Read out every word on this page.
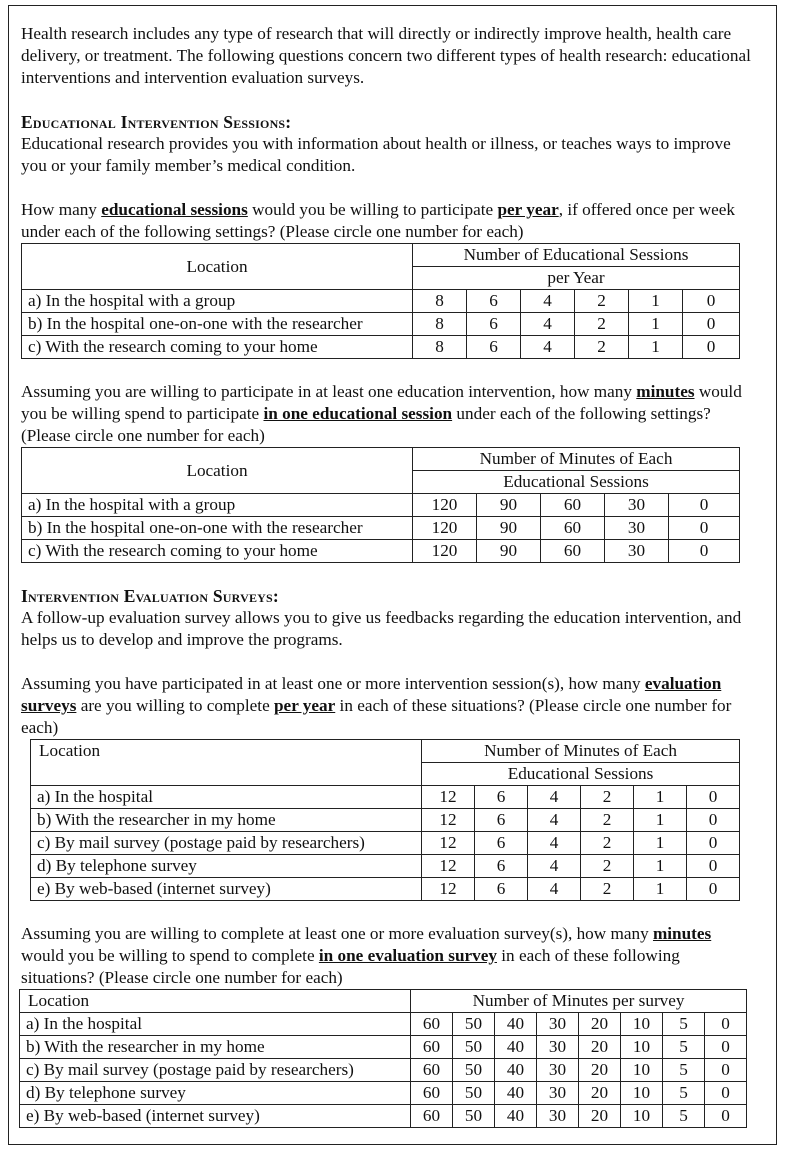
Health research includes any type of research that will directly or indirectly improve health, health care delivery, or treatment. The following questions concern two different types of health research: educational interventions and intervention evaluation surveys.

Educational Intervention Sessions:

Educational research provides you with information about health or illness, or teaches ways to improve you or your family member’s medical condition.

How many educational sessions would you be willing to participate per year, if offered once per week under each of the following settings? (Please circle one number for each)

Location	Number of Educational Sessions					
	per Year					
a) In the hospital with a group	8	6	4	2	1	0
b) In the hospital one-on-one with the researcher	8	6	4	2	1	0
c) With the research coming to your home	8	6	4	2	1	0

Assuming you are willing to participate in at least one education intervention, how many minutes would you be willing spend to participate in one educational session under each of the following settings? (Please circle one number for each)

Location	Number of Minutes of Each				
	Educational Sessions				
a) In the hospital with a group	120	90	60	30	0
b) In the hospital one-on-one with the researcher	120	90	60	30	0
c) With the research coming to your home	120	90	60	30	0

Intervention Evaluation Surveys:

A follow-up evaluation survey allows you to give us feedbacks regarding the education intervention, and helps us to develop and improve the programs.

Assuming you have participated in at least one or more intervention session(s), how many evaluation surveys are you willing to complete per year in each of these situations? (Please circle one number for each)

Location	Number of Minutes of Each					
	Educational Sessions					
a) In the hospital	12	6	4	2	1	0
b) With the researcher in my home	12	6	4	2	1	0
c) By mail survey (postage paid by researchers)	12	6	4	2	1	0
d) By telephone survey	12	6	4	2	1	0
e) By web-based (internet survey)	12	6	4	2	1	0

Assuming you are willing to complete at least one or more evaluation survey(s), how many minutes would you be willing to spend to complete in one evaluation survey in each of these following situations? (Please circle one number for each)

Location	Number of Minutes per survey							
a) In the hospital	60	50	40	30	20	10	5	0
b) With the researcher in my home	60	50	40	30	20	10	5	0
c) By mail survey (postage paid by researchers)	60	50	40	30	20	10	5	0
d) By telephone survey	60	50	40	30	20	10	5	0
e) By web-based (internet survey)	60	50	40	30	20	10	5	0
